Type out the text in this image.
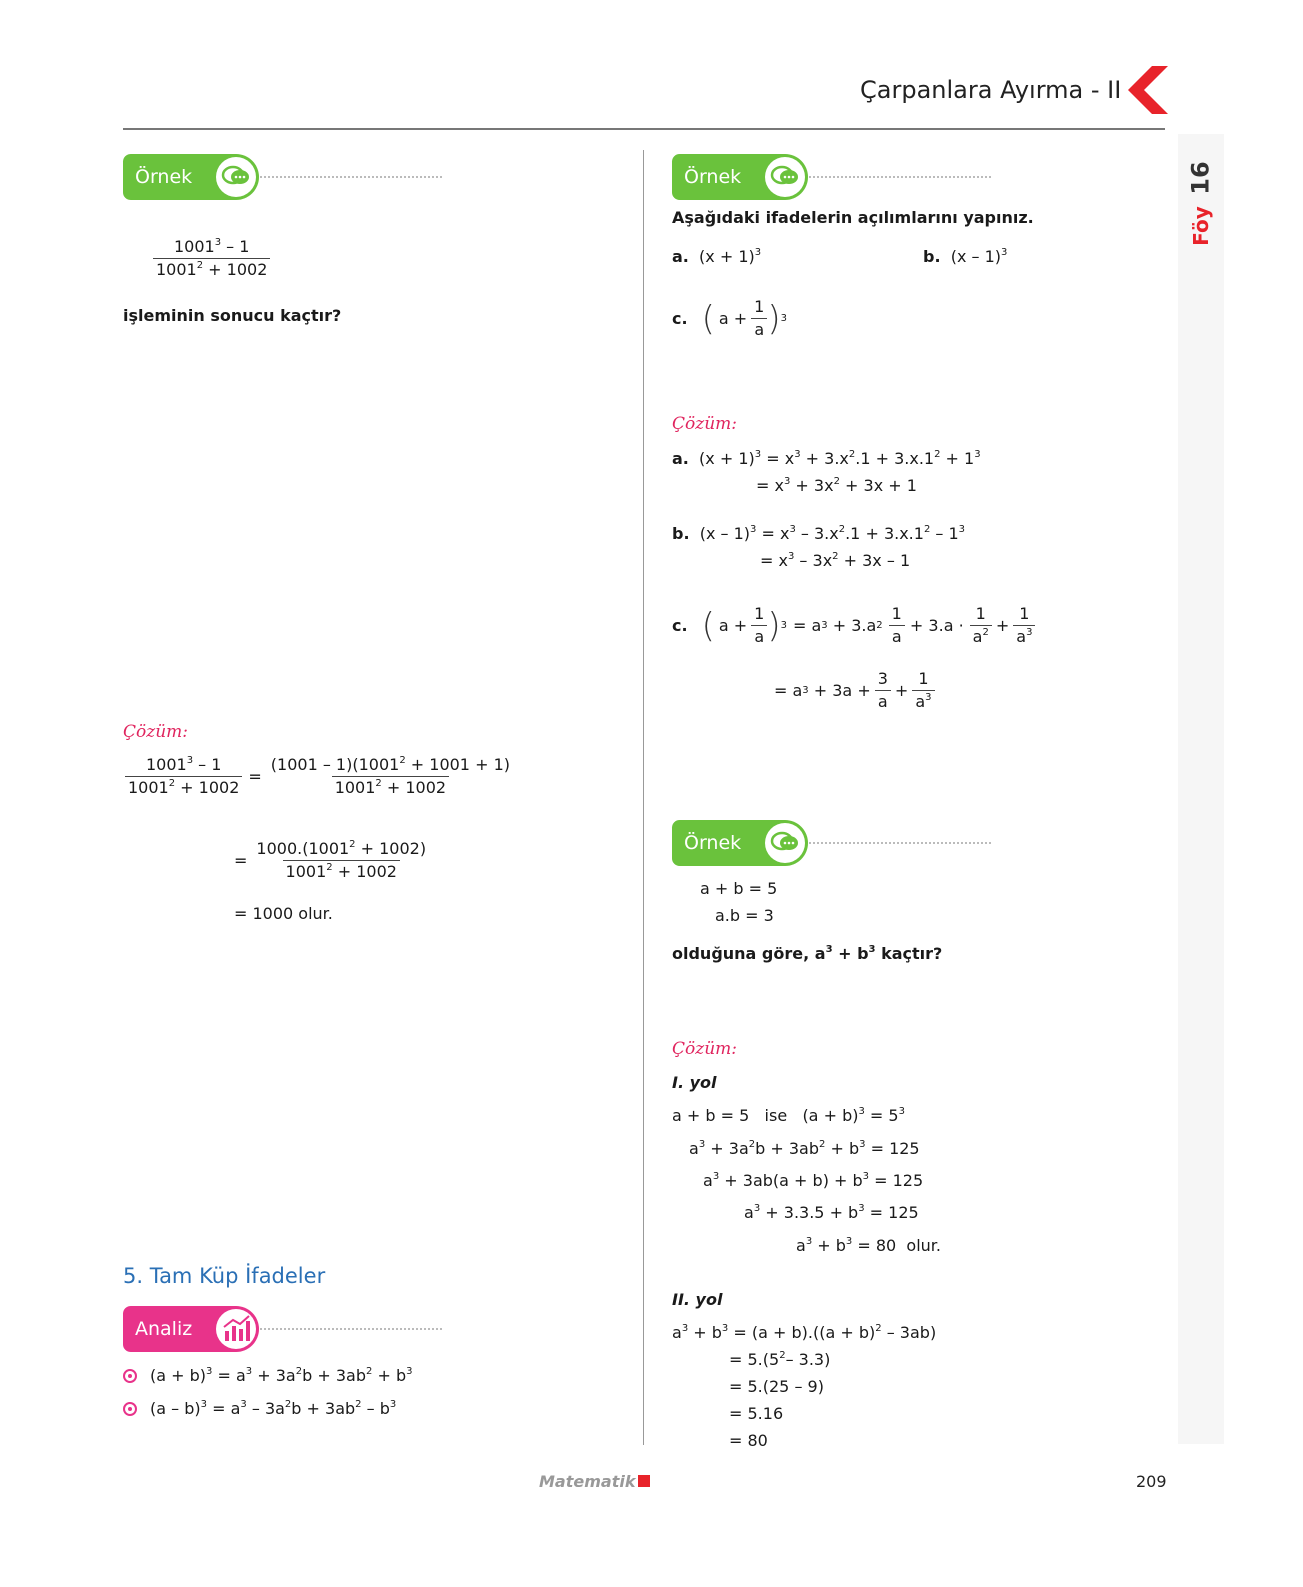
Çarpanlara Ayırma - II
16
Föy
Örnek
$\frac{1001^3 - 1}{1001^2 + 1002}$
işleminin sonucu kaçtır?
Çözüm:
$\frac{1001^3 - 1}{1001^2 + 1002} = \frac{(1001 - 1)(1001^2 + 1001 + 1)}{1001^2 + 1002}$
= $\frac{1000.(1001^2 + 1002)}{1001^2 + 1002}$
= 1000 olur.
5. Tam Küp İfadeler
Analiz
$(a + b)^3 = a^3 + 3a^2b + 3ab^2 + b^3$
$(a - b)^3 = a^3 - 3a^2b + 3ab^2 - b^3$
Örnek
Aşağıdaki ifadelerin açılımlarını yapınız.
a. $(x + 1)^3$	b. (x – 1)$^3$
c. ( $a + \frac{1}{a}$ ) 3
Çözüm:
a. $(x + 1)^3 = x^3 + 3.x^2.1 + 3.x.1^2 + 1^3$
= $x^3 + 3x^2 + 3x + 1$
b. $(x - 1)^3 = x^3 - 3.x^2.1 + 3.x.1^2 - 1^3$
= $x^3 - 3x^2 + 3x - 1$
c. ( $a + \frac{1}{a}$ ) 3 = a 3 + 3.a $2 \frac{1}{a} + 3.a \cdot \frac{1}{a^2} + \frac{1}{a^3}$
= a $3 + 3a + \frac{3}{a} + \frac{1}{a^3}$
Örnek
a + b = 5
a.b = 3
olduğuna göre, $a^3 + b^3$ kaçtır?
Çözüm:
I. yol
a + b = 5   ise   $(a + b)^3 = 5^3$
$a^3 + 3a^2b + 3ab^2 + b^3 = 125$
$a^3 + 3ab(a + b) + b^3 = 125$
$a^3 + 3.3.5 + b^3 = 125$
$a^3 + b^3 = 80$  olur.
II. yol
$a^3 + b^3 = (a + b).((a + b)^2 - 3ab)$
= $5.(5^2-$ 3.3)
= 5.(25 – 9)
= 5.16
= 80
Matematik	209
